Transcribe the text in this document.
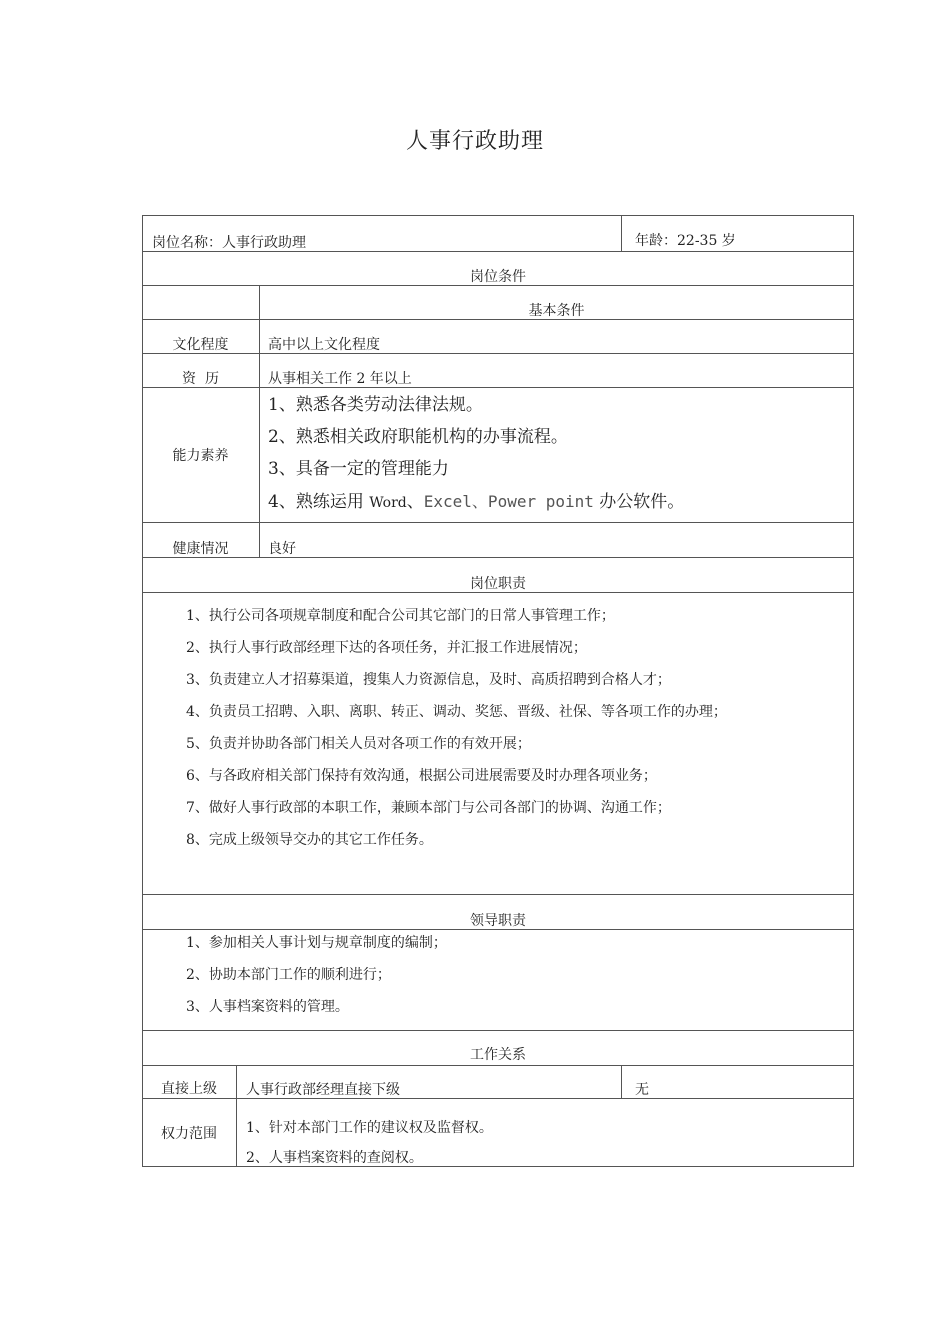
人事行政助理
岗位名称：人事行政助理	年龄：22-35 岁
岗位条件
基本条件
文化程度	高中以上文化程度
资  历	从事相关工作 2 年以上
能力素养
1、熟悉各类劳动法律法规。
2、熟悉相关政府职能机构的办事流程。
3、具备一定的管理能力
4、熟练运用 Word、Excel、Power point 办公软件。
健康情况	良好
岗位职责
1、执行公司各项规章制度和配合公司其它部门的日常人事管理工作；
2、执行人事行政部经理下达的各项任务，并汇报工作进展情况；
3、负责建立人才招募渠道，搜集人力资源信息，及时、高质招聘到合格人才；
4、负责员工招聘、入职、离职、转正、调动、奖惩、晋级、社保、等各项工作的办理；
5、负责并协助各部门相关人员对各项工作的有效开展；
6、与各政府相关部门保持有效沟通，根据公司进展需要及时办理各项业务；
7、做好人事行政部的本职工作，兼顾本部门与公司各部门的协调、沟通工作；
8、完成上级领导交办的其它工作任务。
领导职责
1、参加相关人事计划与规章制度的编制；
2、协助本部门工作的顺利进行；
3、人事档案资料的管理。
工作关系
直接上级	人事行政部经理直接下级	无
权力范围	1、针对本部门工作的建议权及监督权。
2、人事档案资料的查阅权。
